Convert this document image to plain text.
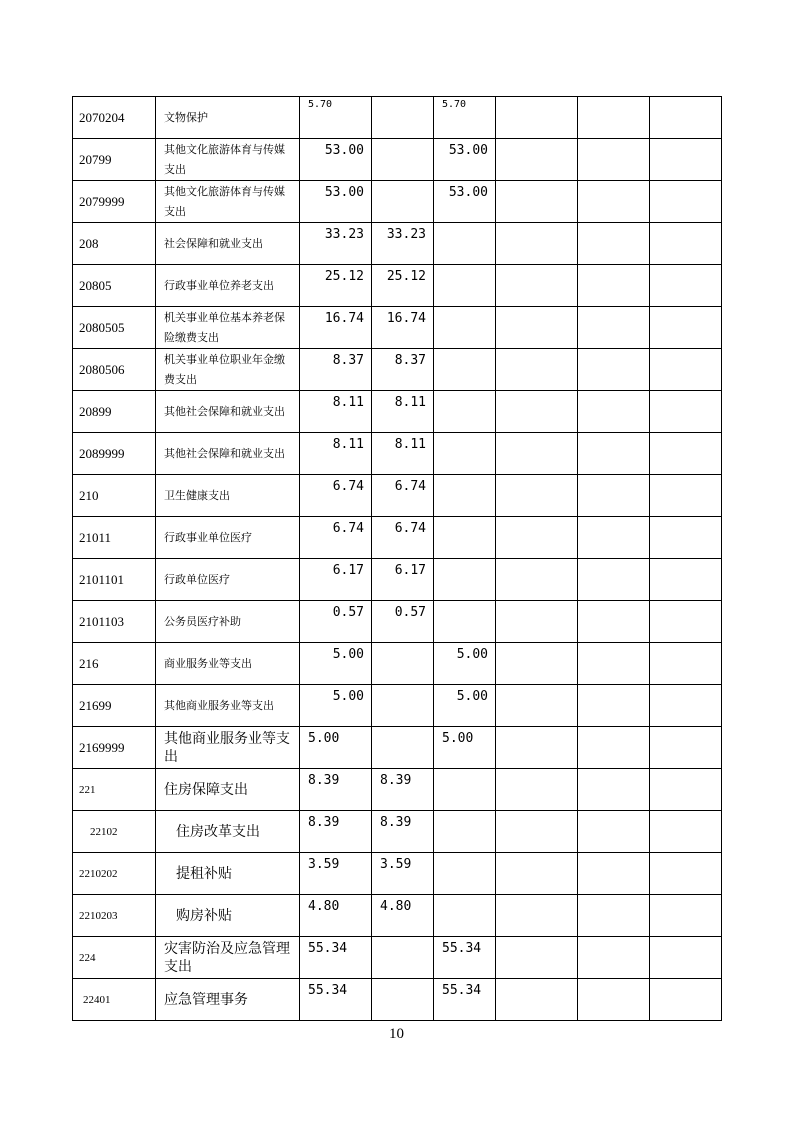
2070204	文物保护	5.70		5.70			
20799	其他文化旅游体育与传媒支出	53.00		53.00			
2079999	其他文化旅游体育与传媒支出	53.00		53.00			
208	社会保障和就业支出	33.23	33.23				
20805	行政事业单位养老支出	25.12	25.12				
2080505	机关事业单位基本养老保险缴费支出	16.74	16.74				
2080506	机关事业单位职业年金缴费支出	8.37	8.37				
20899	其他社会保障和就业支出	8.11	8.11				
2089999	其他社会保障和就业支出	8.11	8.11				
210	卫生健康支出	6.74	6.74				
21011	行政事业单位医疗	6.74	6.74				
2101101	行政单位医疗	6.17	6.17				
2101103	公务员医疗补助	0.57	0.57				
216	商业服务业等支出	5.00		5.00			
21699	其他商业服务业等支出	5.00		5.00			
2169999	其他商业服务业等支出	5.00		5.00			
221	住房保障支出	8.39	8.39				
22102	住房改革支出	8.39	8.39				
2210202	提租补贴	3.59	3.59				
2210203	购房补贴	4.80	4.80				
224	灾害防治及应急管理支出	55.34		55.34			
22401	应急管理事务	55.34		55.34			
10
